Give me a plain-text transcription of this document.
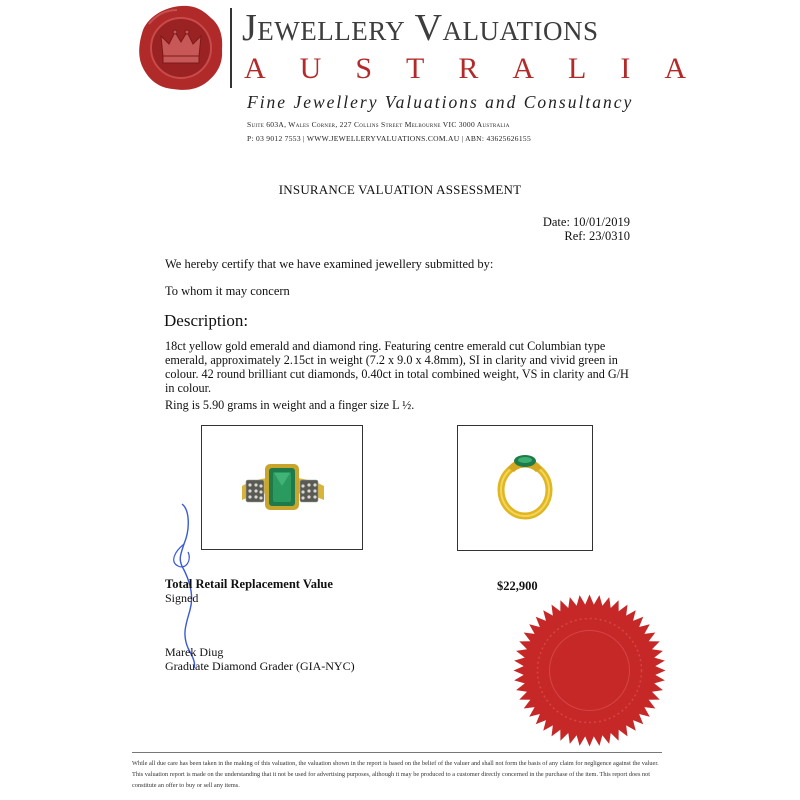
Jewellery Valuations
AUSTRALIA
Fine Jewellery Valuations and Consultancy
Suite 603A, Wales Corner, 227 Collins Street Melbourne VIC 3000 Australia
P: 03 9012 7553 | WWW.JEWELLERYVALUATIONS.COM.AU | ABN: 43625626155
INSURANCE VALUATION ASSESSMENT
Date: 10/01/2019
Ref: 23/0310
We hereby certify that we have examined jewellery submitted by:
To whom it may concern
Description:
18ct yellow gold emerald and diamond ring. Featuring centre emerald cut Columbian type emerald, approximately 2.15ct in weight (7.2 x 9.0 x 4.8mm), SI in clarity and vivid green in colour. 42 round brilliant cut diamonds, 0.40ct in total combined weight, VS in clarity and G/H in colour.
Ring is 5.90 grams in weight and a finger size L ½.
Total Retail Replacement Value	$22,900
Signed
Marek Diug
Graduate Diamond Grader (GIA-NYC)
While all due care has been taken in the making of this valuation, the valuation shown in the report is based on the belief of the valuer and shall not form the basis of any claim for negligence against the valuer. This valuation report is made on the understanding that it not be used for advertising purposes, although it may be produced to a customer directly concerned in the purchase of the item. This report does not constitute an offer to buy or sell any items.
